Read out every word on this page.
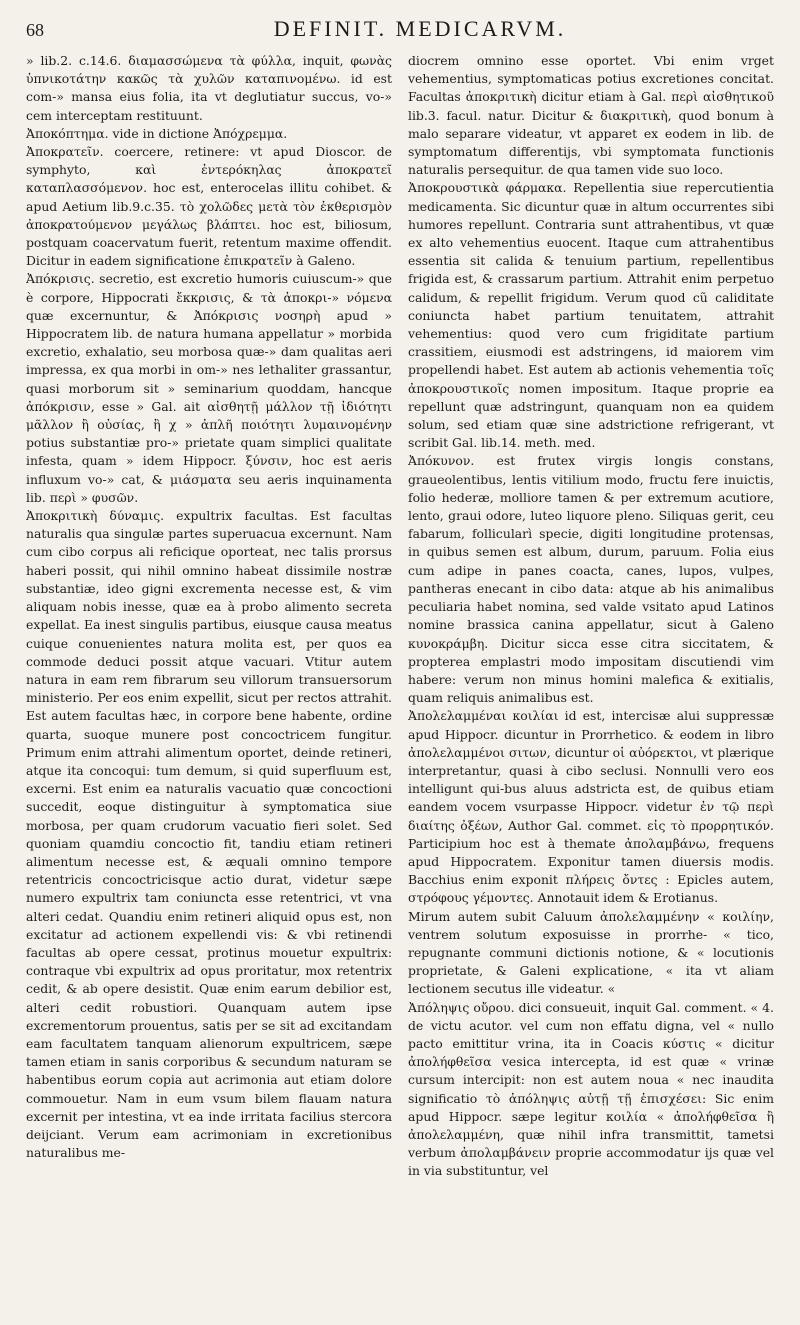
68	DEFINIT. MEDICARVM.

» lib.2. c.14.6. διαμασσώμενα τὰ φύλλα, inquit, φωνὰς ὑπνικοτάτην κακῶς τὰ χυλῶν καταπινομένω. id est com-» mansa eius folia, ita vt deglutiatur succus, vo-» cem interceptam restituunt.

Ἀποκόπτημα. vide in dictione Ἀπόχρεμμα.

Ἀποκρατεῖν. coercere, retinere: vt apud Dioscor. de symphyto, καὶ ἐντερόκηλας ἀποκρατεῖ καταπλασσόμενον. hoc est, enterocelas illitu cohibet. & apud Aetium lib.9.c.35. τὸ χολῶδες μετὰ τὸν ἐκθερισμὸν ἀποκρατούμενον μεγάλως βλάπτει. hoc est, biliosum, postquam coacervatum fuerit, retentum maxime offendit. Dicitur in eadem significatione ἐπικρατεῖν à Galeno.

Ἀπόκρισις. secretio, est excretio humoris cuiuscum-» que è corpore, Hippocrati ἔκκρισις, & τὰ ἀποκρι-» νόμενα quæ excernuntur, & Ἀπόκρισις νοσηρὴ apud » Hippocratem lib. de natura humana appellatur » morbida excretio, exhalatio, seu morbosa quæ-» dam qualitas aeri impressa, ex qua morbi in om-» nes lethaliter grassantur, quasi morborum sit » seminarium quoddam, hancque ἀπόκρισιν, esse » Gal. ait αἰσθητῇ μάλλον τῇ ἰδιότητι μᾶλλον ἢ οὐσίας, ἢ χ » ἀπλῆ ποιότητι λυμαινομένην potius substantiæ pro-» prietate quam simplici qualitate infesta, quam » idem Hippocr. ξύνσιν, hoc est aeris influxum vo-» cat, & μιάσματα seu aeris inquinamenta lib. περὶ » φυσῶν.

Ἀποκριτικὴ δύναμις. expultrix facultas. Est facultas naturalis qua singulæ partes superuacua excernunt. Nam cum cibo corpus ali reficique oporteat, nec talis prorsus haberi possit, qui nihil omnino habeat dissimile nostræ substantiæ, ideo gigni excrementa necesse est, & vim aliquam nobis inesse, quæ ea à probo alimento secreta expellat. Ea inest singulis partibus, eiusque causa meatus cuique conuenientes natura molita est, per quos ea commode deduci possit atque vacuari. Vtitur autem natura in eam rem fibrarum seu villorum transuersorum ministerio. Per eos enim expellit, sicut per rectos attrahit. Est autem facultas hæc, in corpore bene habente, ordine quarta, suoque munere post concoctricem fungitur. Primum enim attrahi alimentum oportet, deinde retineri, atque ita concoqui: tum demum, si quid superfluum est, excerni. Est enim ea naturalis vacuatio quæ concoctioni succedit, eoque distinguitur à symptomatica siue morbosa, per quam crudorum vacuatio fieri solet. Sed quoniam quamdiu concoctio fit, tandiu etiam retineri alimentum necesse est, & æquali omnino tempore retentricis concoctricisque actio durat, videtur sæpe numero expultrix tam coniuncta esse retentrici, vt vna alteri cedat. Quandiu enim retineri aliquid opus est, non excitatur ad actionem expellendi vis: & vbi retinendi facultas ab opere cessat, protinus mouetur expultrix: contraque vbi expultrix ad opus proritatur, mox retentrix cedit, & ab opere desistit. Quæ enim earum debilior est, alteri cedit robustiori. Quanquam autem ipse excrementorum prouentus, satis per se sit ad excitandam eam facultatem tanquam alienorum expultricem, sæpe tamen etiam in sanis corporibus & secundum naturam se habentibus eorum copia aut acrimonia aut etiam dolore commouetur. Nam in eum vsum bilem flauam natura excernit per intestina, vt ea inde irritata facilius stercora deijciant. Verum eam acrimoniam in excretionibus naturalibus me-

diocrem omnino esse oportet. Vbi enim vrget vehementius, symptomaticas potius excretiones concitat. Facultas ἀποκριτικὴ dicitur etiam à Gal. περὶ αἰσθητικοῦ lib.3. facul. natur. Dicitur & διακριτικὴ, quod bonum à malo separare videatur, vt apparet ex eodem in lib. de symptomatum differentijs, vbi symptomata functionis naturalis persequitur. de qua tamen vide suo loco.

Ἀποκρουστικὰ φάρμακα. Repellentia siue repercutientia medicamenta. Sic dicuntur quæ in altum occurrentes sibi humores repellunt. Contraria sunt attrahentibus, vt quæ ex alto vehementius euocent. Itaque cum attrahentibus essentia sit calida & tenuium partium, repellentibus frigida est, & crassarum partium. Attrahit enim perpetuo calidum, & repellit frigidum. Verum quod cũ caliditate coniuncta habet partium tenuitatem, attrahit vehementius: quod vero cum frigiditate partium crassitiem, eiusmodi est adstringens, id maiorem vim propellendi habet. Est autem ab actionis vehementia τοῖς ἀποκρουστικοῖς nomen impositum. Itaque proprie ea repellunt quæ adstringunt, quanquam non ea quidem solum, sed etiam quæ sine adstrictione refrigerant, vt scribit Gal. lib.14. meth. med.

Ἀπόκυνον. est frutex virgis longis constans, graueolentibus, lentis vitilium modo, fructu fere inuictis, folio hederæ, molliore tamen & per extremum acutiore, lento, graui odore, luteo liquore pleno. Siliquas gerit, ceu fabarum, follicularì specie, digiti longitudine protensas, in quibus semen est album, durum, paruum. Folia eius cum adipe in panes coacta, canes, lupos, vulpes, pantheras enecant in cibo data: atque ab his animalibus peculiaria habet nomina, sed valde vsitato apud Latinos nomine brassica canina appellatur, sicut à Galeno κυνοκράμβη. Dicitur sicca esse citra siccitatem, & propterea emplastri modo impositam discutiendi vim habere: verum non minus homini malefica & exitialis, quam reliquis animalibus est.

Ἀπολελαμμέναι κοιλίαι id est, intercisæ alui suppressæ apud Hippocr. dicuntur in Prorrhetico. & eodem in libro ἀπολελαμμένοι σιτων, dicuntur οἱ αὐόρεκτοι, vt plærique interpretantur, quasi à cibo seclusi. Nonnulli vero eos intelligunt qui-bus aluus adstricta est, de quibus etiam eandem vocem vsurpasse Hippocr. videtur ἐν τῷ περὶ διαίτης ὀξέων, Author Gal. commet. εἰς τὸ προρρητικόν. Participium hoc est à themate ἀπολαμβάνω, frequens apud Hippocratem. Exponitur tamen diuersis modis. Bacchius enim exponit πλήρεις ὄντες : Epicles autem, στρόφους γέμοντες. Annotauit idem & Erotianus.

Mirum autem subit Caluum ἀπολελαμμένην « κοιλίην, ventrem solutum exposuisse in prorrhe- « tico, repugnante communi dictionis notione, & « locutionis proprietate, & Galeni explicatione, « ita vt aliam lectionem secutus ille videatur. «

Ἀπόληψις οὔρου. dici consueuit, inquit Gal. comment. « 4. de victu acutor. vel cum non effatu digna, vel « nullo pacto emittitur vrina, ita in Coacis κύστις « dicitur ἀπολήφθεῖσα vesica intercepta, id est quæ « vrinæ cursum intercipit: non est autem noua « nec inaudita significatio τὸ ἀπόληψις αὐτῇ τῇ ἐπισχέσει: Sic enim apud Hippocr. sæpe legitur κοιλία « ἀπολήφθεῖσα ἢ ἀπολελαμμένη, quæ nihil infra transmittit, tametsi verbum ἀπολαμβάνειν proprie accommodatur ijs quæ vel in via substituntur, vel
